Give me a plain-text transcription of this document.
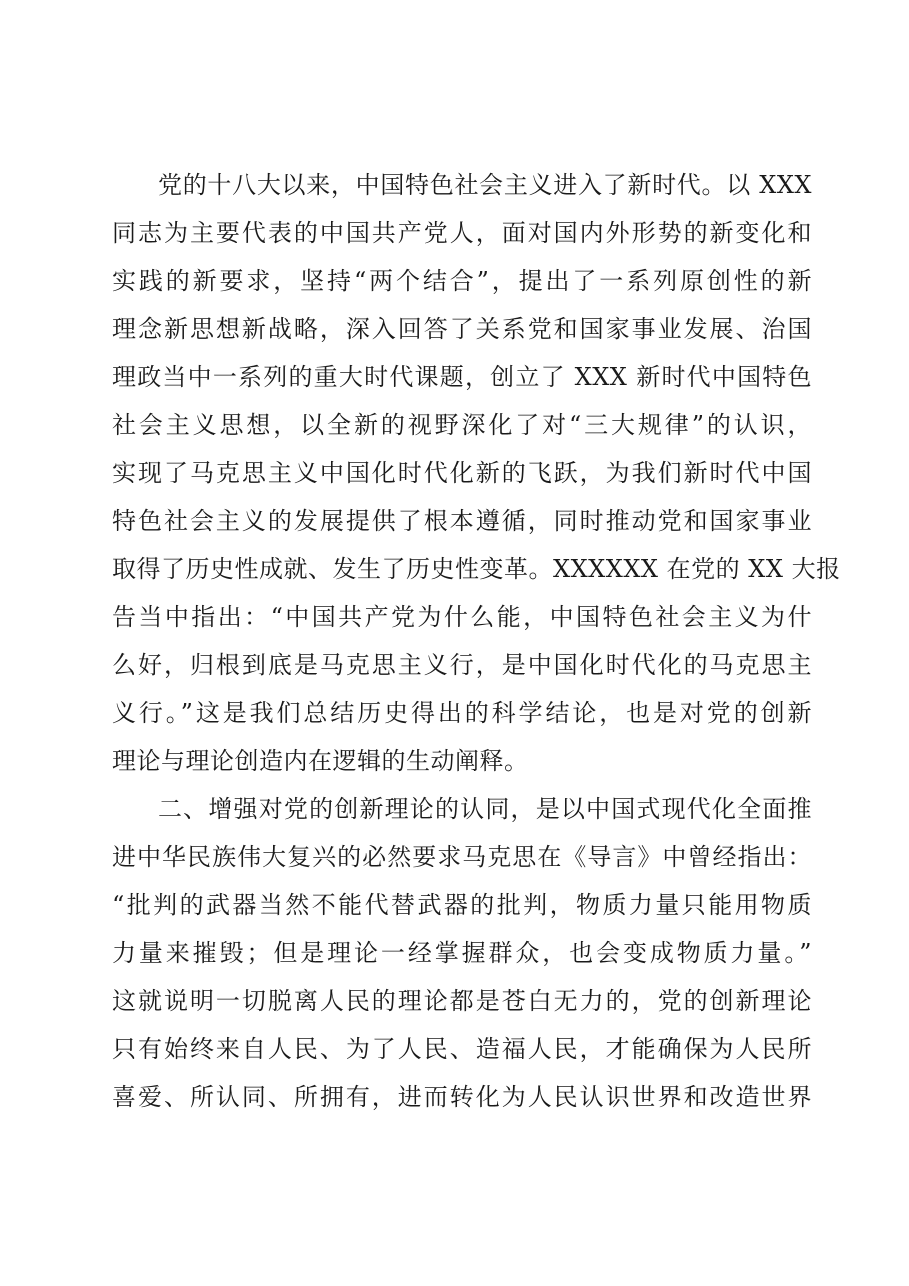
党的十八大以来，中国特色社会主义进入了新时代。以 XXX
同志为主要代表的中国共产党人，面对国内外形势的新变化和
实践的新要求，坚持“两个结合”，提出了一系列原创性的新
理念新思想新战略，深入回答了关系党和国家事业发展、治国
理政当中一系列的重大时代课题，创立了 XXX 新时代中国特色
社会主义思想，以全新的视野深化了对“三大规律”的认识，
实现了马克思主义中国化时代化新的飞跃，为我们新时代中国
特色社会主义的发展提供了根本遵循，同时推动党和国家事业
取得了历史性成就、发生了历史性变革。XXXXXX 在党的 XX 大报
告当中指出：“中国共产党为什么能，中国特色社会主义为什
么好，归根到底是马克思主义行，是中国化时代化的马克思主
义行。”这是我们总结历史得出的科学结论，也是对党的创新
理论与理论创造内在逻辑的生动阐释。
二、增强对党的创新理论的认同，是以中国式现代化全面推
进中华民族伟大复兴的必然要求马克思在《导言》中曾经指出：
“批判的武器当然不能代替武器的批判，物质力量只能用物质
力量来摧毁；但是理论一经掌握群众，也会变成物质力量。”
这就说明一切脱离人民的理论都是苍白无力的，党的创新理论
只有始终来自人民、为了人民、造福人民，才能确保为人民所
喜爱、所认同、所拥有，进而转化为人民认识世界和改造世界
